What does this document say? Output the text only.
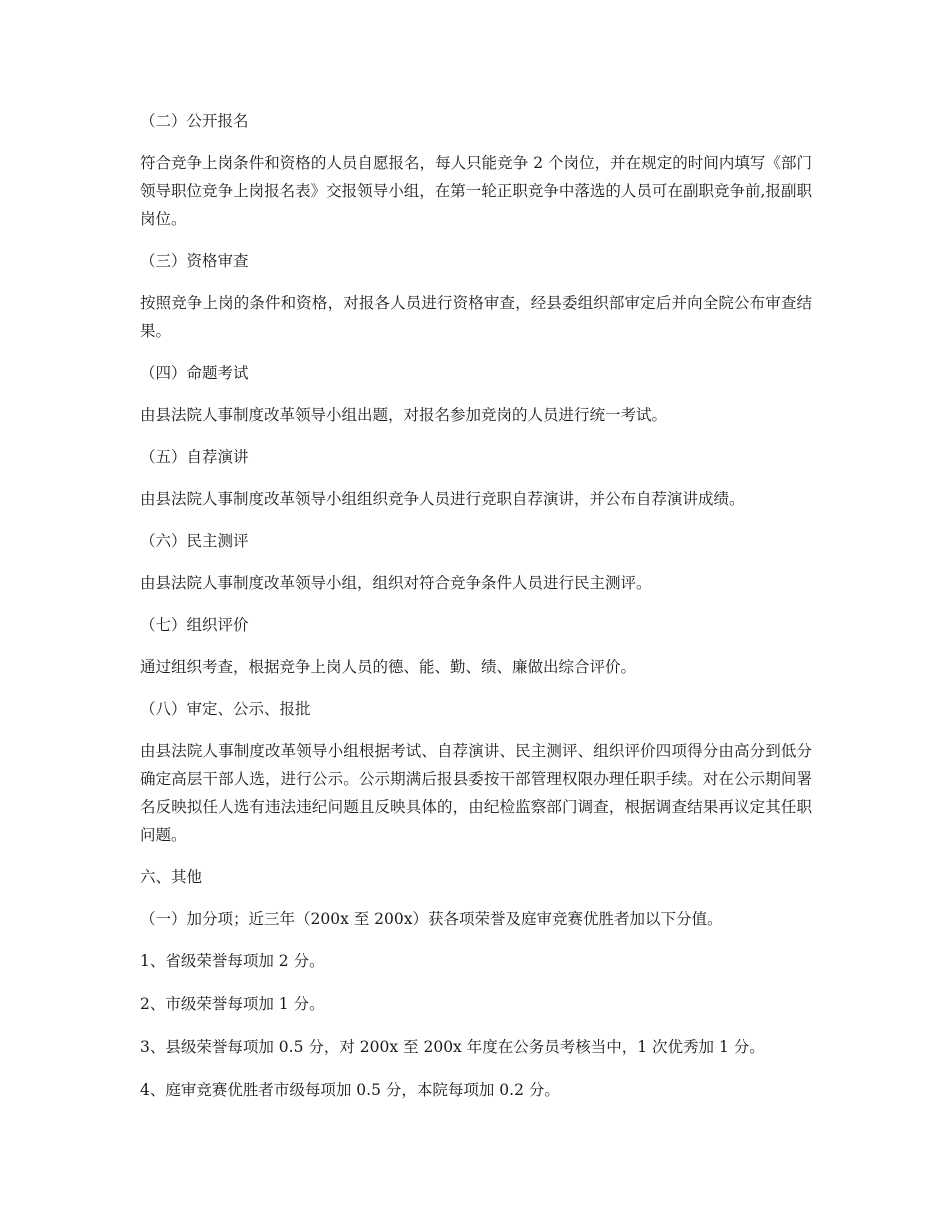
（二）公开报名

符合竞争上岗条件和资格的人员自愿报名，每人只能竞争 2 个岗位，并在规定的时间内填写《部门领导职位竞争上岗报名表》交报领导小组，在第一轮正职竞争中落选的人员可在副职竞争前,报副职岗位。

（三）资格审查

按照竞争上岗的条件和资格，对报各人员进行资格审查，经县委组织部审定后并向全院公布审查结果。

（四）命题考试

由县法院人事制度改革领导小组出题，对报名参加竞岗的人员进行统一考试。

（五）自荐演讲

由县法院人事制度改革领导小组组织竞争人员进行竞职自荐演讲，并公布自荐演讲成绩。

（六）民主测评

由县法院人事制度改革领导小组，组织对符合竞争条件人员进行民主测评。

（七）组织评价

通过组织考查，根据竞争上岗人员的德、能、勤、绩、廉做出综合评价。

（八）审定、公示、报批

由县法院人事制度改革领导小组根据考试、自荐演讲、民主测评、组织评价四项得分由高分到低分确定高层干部人选，进行公示。公示期满后报县委按干部管理权限办理任职手续。对在公示期间署名反映拟任人选有违法违纪问题且反映具体的，由纪检监察部门调查，根据调查结果再议定其任职问题。

六、其他

（一）加分项；近三年（200x 至 200x）获各项荣誉及庭审竞赛优胜者加以下分值。

1、省级荣誉每项加 2 分。

2、市级荣誉每项加 1 分。

3、县级荣誉每项加 0.5 分，对 200x 至 200x 年度在公务员考核当中，1 次优秀加 1 分。

4、庭审竞赛优胜者市级每项加 0.5 分，本院每项加 0.2 分。
